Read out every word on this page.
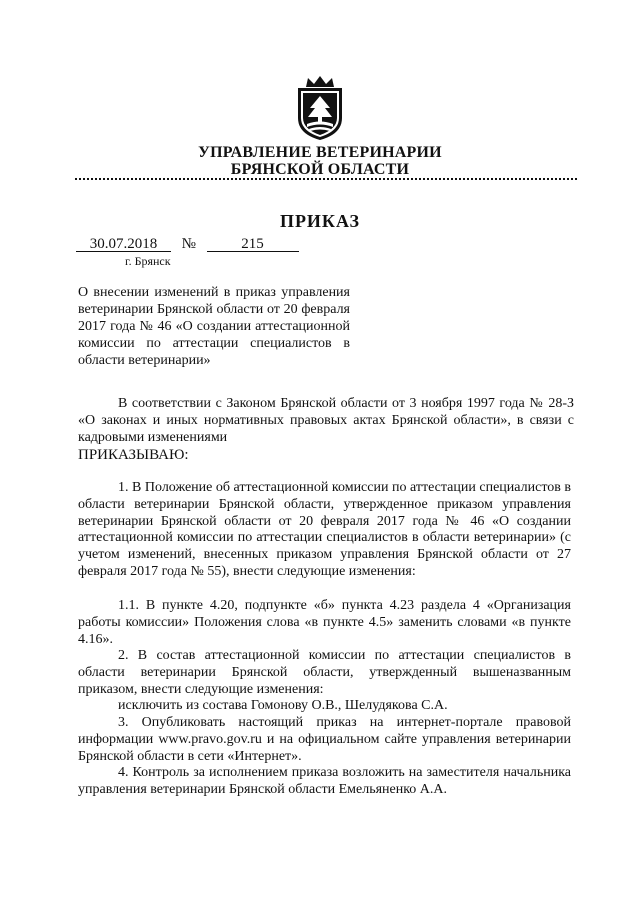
УПРАВЛЕНИЕ ВЕТЕРИНАРИИ
БРЯНСКОЙ ОБЛАСТИ
ПРИКАЗ
30.07.2018 №	215
г. Брянск
О внесении изменений в приказ управления ветеринарии Брянской области от 20 февраля 2017 года № 46 «О создании аттестационной комиссии по аттестации специалистов в области ветеринарии»
В соответствии с Законом Брянской области от 3 ноября 1997 года № 28-З «О законах и иных нормативных правовых актах Брянской области», в связи с кадровыми изменениями
ПРИКАЗЫВАЮ:
1. В Положение об аттестационной комиссии по аттестации специалистов в области ветеринарии Брянской области, утвержденное приказом управления ветеринарии Брянской области от 20 февраля 2017 года № 46 «О создании аттестационной комиссии по аттестации специалистов в области ветеринарии» (с учетом изменений, внесенных приказом управления Брянской области от 27 февраля 2017 года № 55), внести следующие изменения:
1.1. В пункте 4.20, подпункте «б» пункта 4.23 раздела 4 «Организация работы комиссии» Положения слова «в пункте 4.5» заменить словами «в пункте 4.16».
2. В состав аттестационной комиссии по аттестации специалистов в области ветеринарии Брянской области, утвержденный вышеназванным приказом, внести следующие изменения:
исключить из состава Гомонову О.В., Шелудякова С.А.
3. Опубликовать настоящий приказ на интернет-портале правовой информации www.pravo.gov.ru и на официальном сайте управления ветеринарии Брянской области в сети «Интернет».
4. Контроль за исполнением приказа возложить на заместителя начальника управления ветеринарии Брянской области Емельяненко А.А.
